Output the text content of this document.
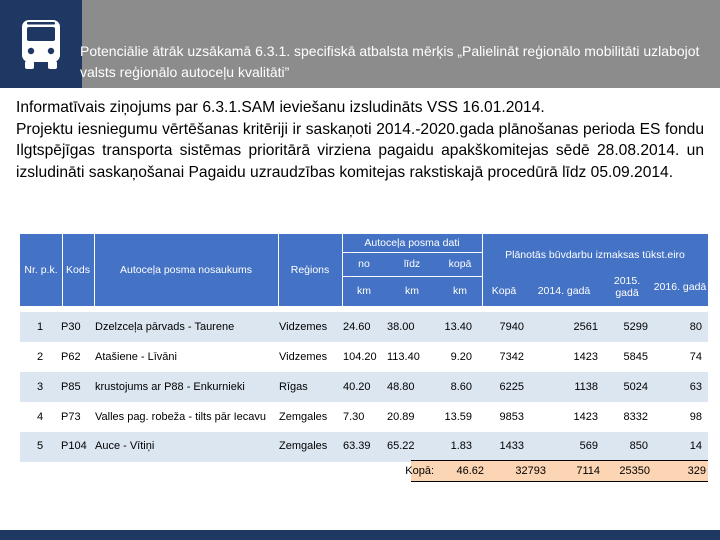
Potenciālie ātrāk uzsākamā 6.3.1. specifiskā atbalsta mērķis „Palielināt reģionālo mobilitāti uzlabojot valsts reģionālo autoceļu kvalitāti”

Informatīvais ziņojums par 6.3.1.SAM ieviešanu izsludināts VSS 16.01.2014.

Projektu iesniegumu vērtēšanas kritēriji ir saskaņoti 2014.-2020.gada plānošanas perioda ES fondu Ilgtspējīgas transporta sistēmas prioritārā virziena pagaidu apakškomitejas sēdē 28.08.2014. un izsludināti saskaņošanai Pagaidu uzraudzības komitejas rakstiskajā procedūrā līdz 05.09.2014.

Nr. p.k. Kods	Autoceļa posma nosaukums	Reģions
Autoceļa posma dati
no	līdz	kopā
km	km	km
Plānotās būvdarbu izmaksas tūkst.eiro
Kopā	2014. gadā
2015. gadā	2016. gadā
1	P30	Dzelzceļa pārvads - Taurene	Vidzemes	24.60	38.00	13.40	7940	2561	5299	80
2	P62	Atašiene - Līvāni	Vidzemes	104.20 113.40	9.20	7342	1423	5845	74
3	P85	krustojums ar P88 - Enkurnieki	Rīgas	40.20	48.80	8.60	6225	1138	5024	63
4	P73	Valles pag. robeža - tilts pār Iecavu	Zemgales	7.30	20.89	13.59	9853	1423	8332	98
5	P104 Auce - Vītiņi	Zemgales	63.39	65.22	1.83	1433	569	850	14
Kopā:	46.62	32793	7114	25350	329
